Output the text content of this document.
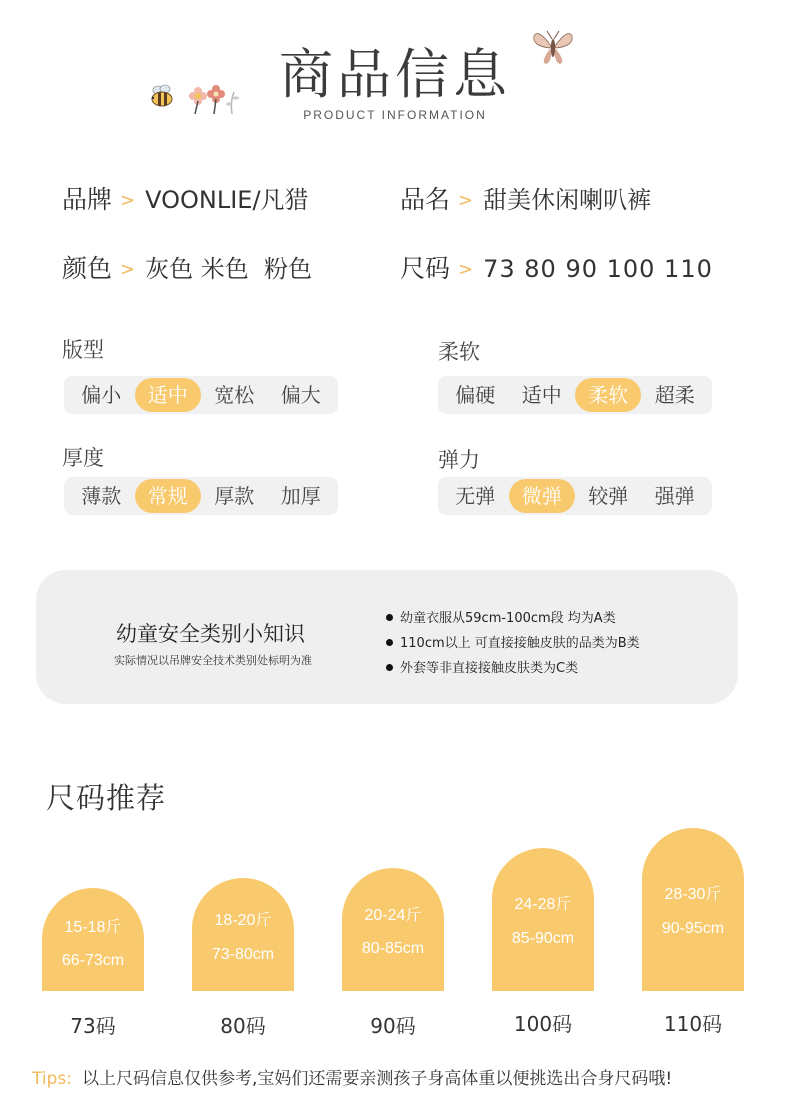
商品信息
PRODUCT INFORMATION
品牌 > VOONLIE/凡猎	品名 > 甜美休闲喇叭裤
颜色 > 灰色 米色  粉色	尺码 > 73 80 90 100 110
版型
偏小	适中	宽松	偏大
柔软
偏硬	适中	柔软	超柔
厚度
薄款	常规	厚款	加厚
弹力
无弹	微弹	较弹	强弹
幼童安全类别小知识
实际情况以吊牌安全技术类别处标明为准
幼童衣服从59cm-100cm段 均为A类
110cm以上 可直接接触皮肤的品类为B类
外套等非直接接触皮肤类为C类
尺码推荐
15-18斤
66-73cm
73码
18-20斤
73-80cm
80码
20-24斤
80-85cm
90码
24-28斤
85-90cm
100码
28-30斤
90-95cm
110码
Tips: 以上尺码信息仅供参考,宝妈们还需要亲测孩子身高体重以便挑选出合身尺码哦!
